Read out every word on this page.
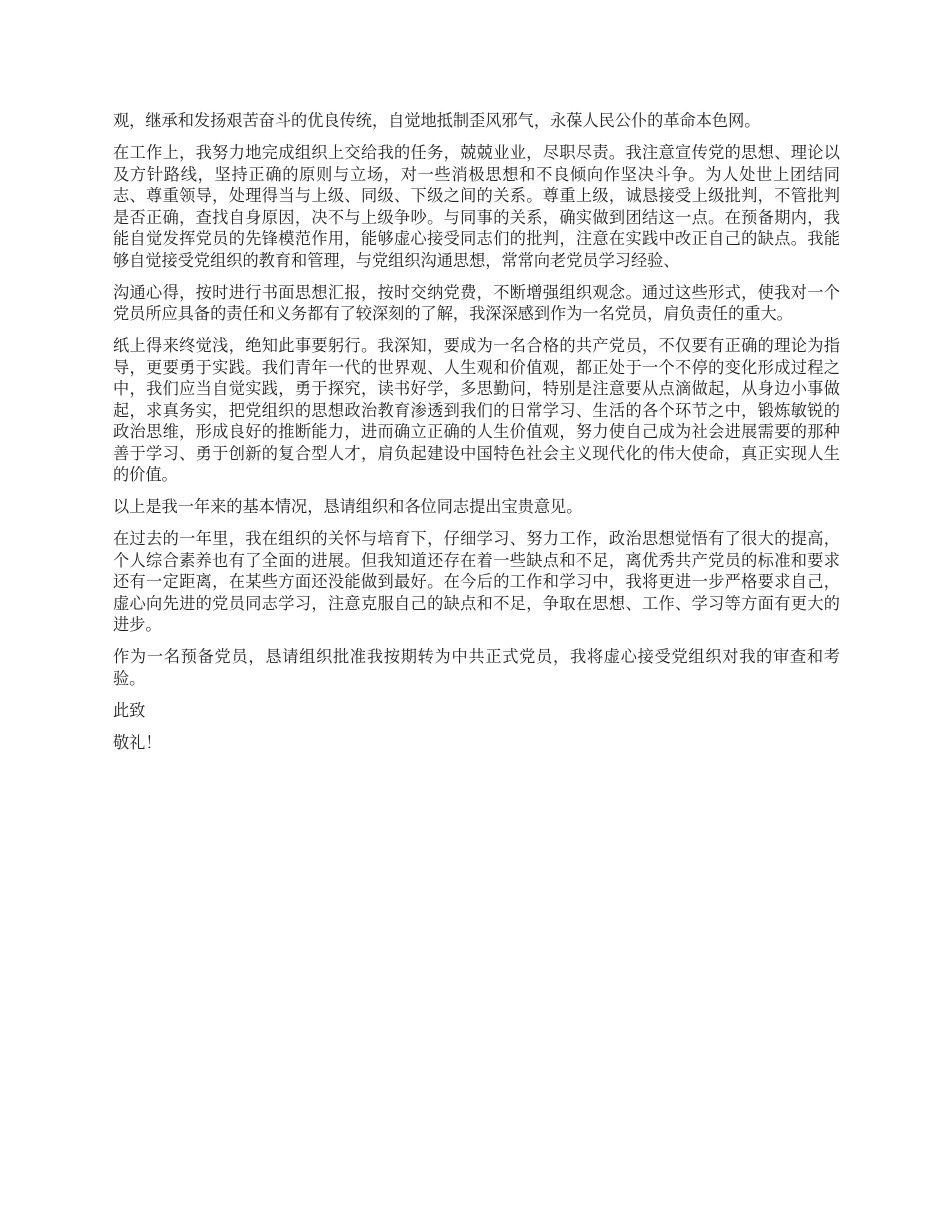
观，继承和发扬艰苦奋斗的优良传统，自觉地抵制歪风邪气，永葆人民公仆的革命本色网。

在工作上，我努力地完成组织上交给我的任务，兢兢业业，尽职尽责。我注意宣传党的思想、理论以及方针路线，坚持正确的原则与立场，对一些消极思想和不良倾向作坚决斗争。为人处世上团结同志、尊重领导，处理得当与上级、同级、下级之间的关系。尊重上级，诚恳接受上级批判，不管批判是否正确，查找自身原因，决不与上级争吵。与同事的关系，确实做到团结这一点。在预备期内，我能自觉发挥党员的先锋模范作用，能够虚心接受同志们的批判，注意在实践中改正自己的缺点。我能够自觉接受党组织的教育和管理，与党组织沟通思想，常常向老党员学习经验、

沟通心得，按时进行书面思想汇报，按时交纳党费，不断增强组织观念。通过这些形式，使我对一个党员所应具备的责任和义务都有了较深刻的了解，我深深感到作为一名党员，肩负责任的重大。

纸上得来终觉浅，绝知此事要躬行。我深知，要成为一名合格的共产党员，不仅要有正确的理论为指导，更要勇于实践。我们青年一代的世界观、人生观和价值观，都正处于一个不停的变化形成过程之中，我们应当自觉实践，勇于探究，读书好学，多思勤问，特别是注意要从点滴做起，从身边小事做起，求真务实，把党组织的思想政治教育渗透到我们的日常学习、生活的各个环节之中，锻炼敏锐的政治思维，形成良好的推断能力，进而确立正确的人生价值观，努力使自己成为社会进展需要的那种善于学习、勇于创新的复合型人才，肩负起建设中国特色社会主义现代化的伟大使命，真正实现人生的价值。

以上是我一年来的基本情况，恳请组织和各位同志提出宝贵意见。

在过去的一年里，我在组织的关怀与培育下，仔细学习、努力工作，政治思想觉悟有了很大的提高，个人综合素养也有了全面的进展。但我知道还存在着一些缺点和不足，离优秀共产党员的标准和要求还有一定距离，在某些方面还没能做到最好。在今后的工作和学习中，我将更进一步严格要求自己，虚心向先进的党员同志学习，注意克服自己的缺点和不足，争取在思想、工作、学习等方面有更大的进步。

作为一名预备党员，恳请组织批准我按期转为中共正式党员，我将虚心接受党组织对我的审查和考验。

此致

敬礼！
